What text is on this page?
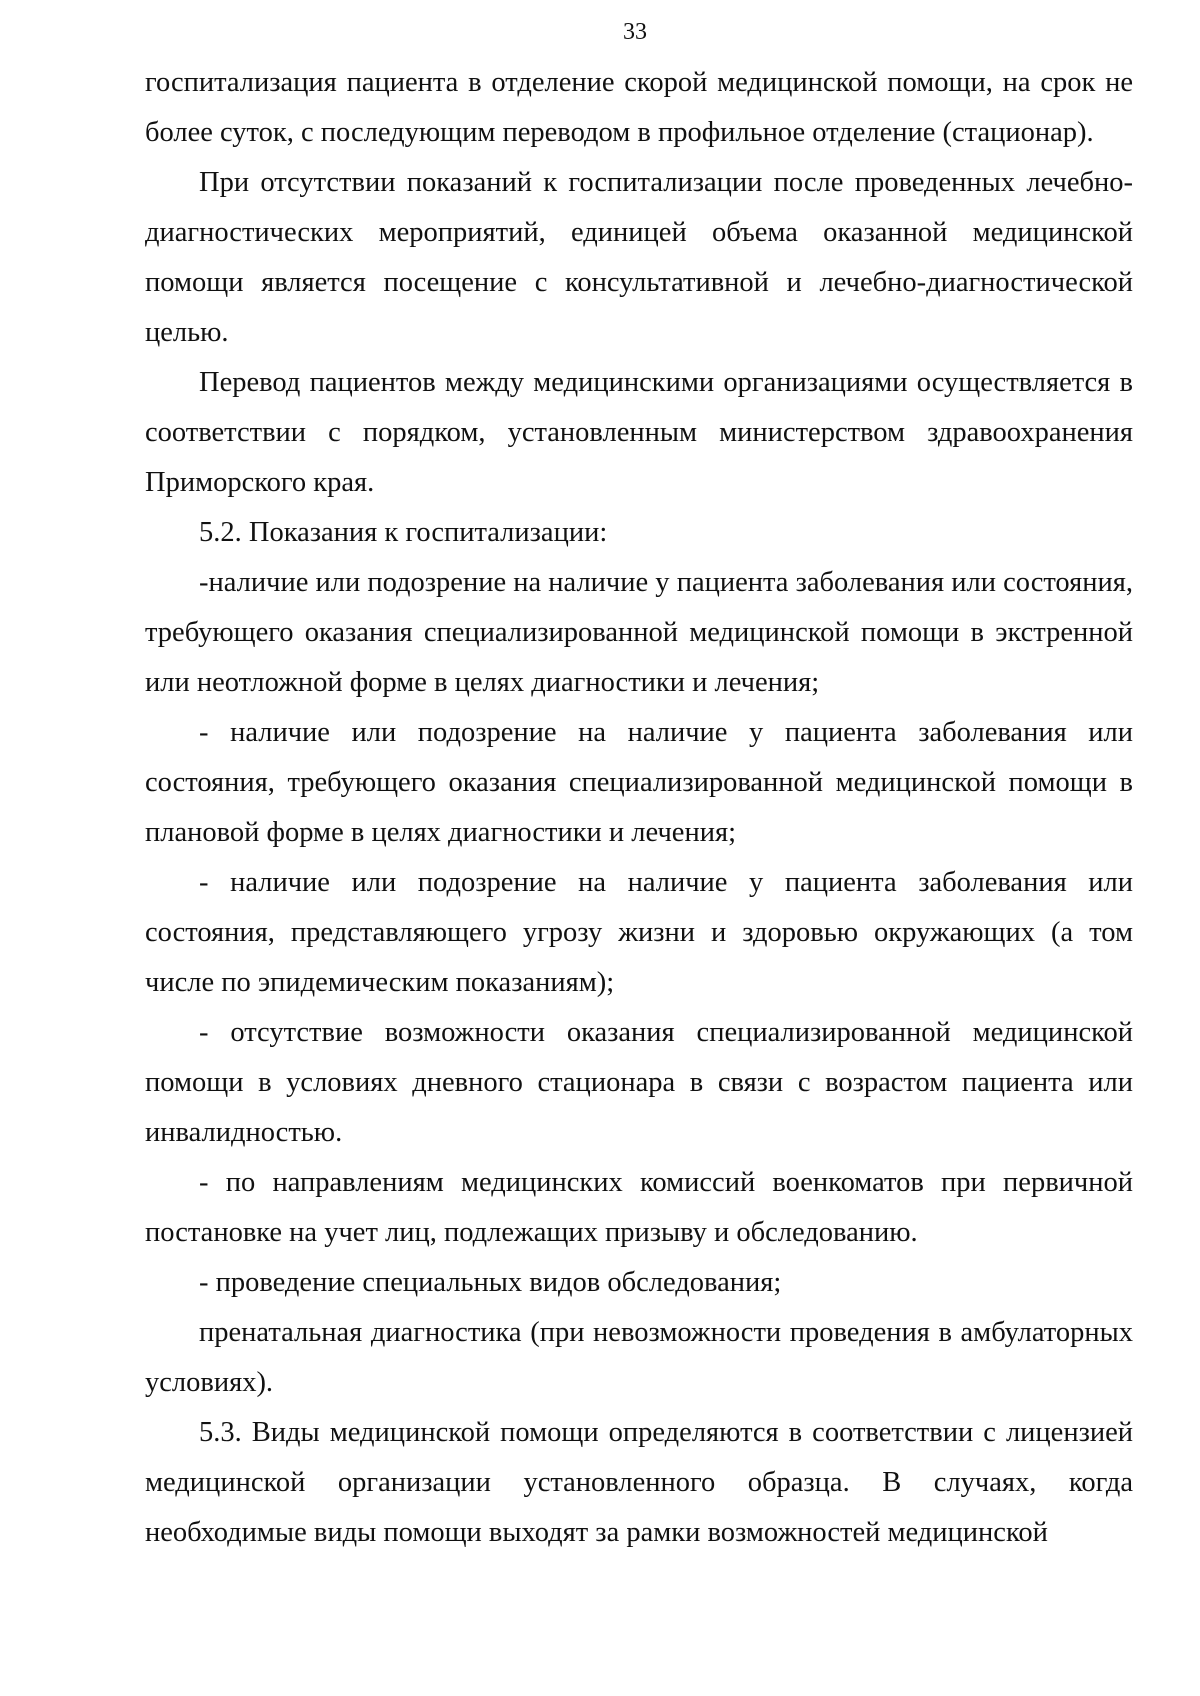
33

госпитализация пациента в отделение скорой медицинской помощи, на срок не более суток, с последующим переводом в профильное отделение (стационар).

При отсутствии показаний к госпитализации после проведенных лечебно-диагностических мероприятий, единицей объема оказанной медицинской помощи является посещение с консультативной и лечебно-диагностической целью.

Перевод пациентов между медицинскими организациями осуществляется в соответствии с порядком, установленным министерством здравоохранения Приморского края.

5.2. Показания к госпитализации:

-наличие или подозрение на наличие у пациента заболевания или состояния, требующего оказания специализированной медицинской помощи в экстренной или неотложной форме в целях диагностики и лечения;

- наличие или подозрение на наличие у пациента заболевания или состояния, требующего оказания специализированной медицинской помощи в плановой форме в целях диагностики и лечения;

- наличие или подозрение на наличие у пациента заболевания или состояния, представляющего угрозу жизни и здоровью окружающих (а том числе по эпидемическим показаниям);

- отсутствие возможности оказания специализированной медицинской помощи в условиях дневного стационара в связи с возрастом пациента или инвалидностью.

- по направлениям медицинских комиссий военкоматов при первичной постановке на учет лиц, подлежащих призыву и обследованию.

- проведение специальных видов обследования;

пренатальная диагностика (при невозможности проведения в амбулаторных условиях).

5.3. Виды медицинской помощи определяются в соответствии с лицензией медицинской организации установленного образца. В случаях, когда необходимые виды помощи выходят за рамки возможностей медицинской
